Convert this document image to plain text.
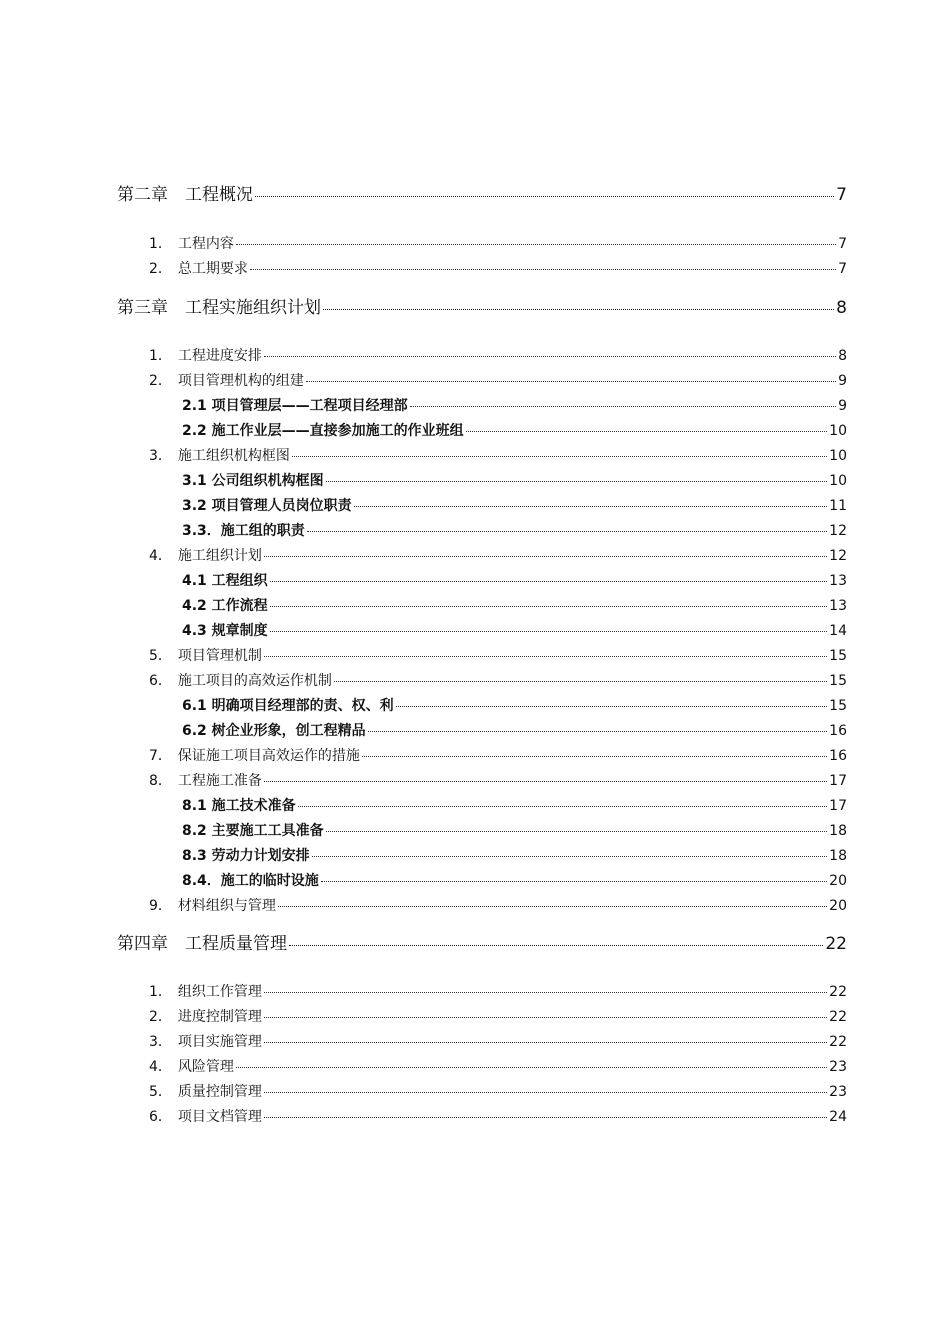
第二章 工程概况	7
1． 工程内容	7
2． 总工期要求	7
第三章 工程实施组织计划	8
1． 工程进度安排	8
2． 项目管理机构的组建	9
2.1 项目管理层——工程项目经理部	9
2.2 施工作业层——直接参加施工的作业班组	10
3． 施工组织机构框图	10
3.1 公司组织机构框图	10
3.2 项目管理人员岗位职责	11
3.3．施工组的职责	12
4． 施工组织计划	12
4.1 工程组织	13
4.2 工作流程	13
4.3 规章制度	14
5． 项目管理机制	15
6． 施工项目的高效运作机制	15
6.1 明确项目经理部的责、权、利	15
6.2 树企业形象，创工程精品	16
7． 保证施工项目高效运作的措施	16
8． 工程施工准备	17
8.1 施工技术准备	17
8.2 主要施工工具准备	18
8.3 劳动力计划安排	18
8.4．施工的临时设施	20
9． 材料组织与管理	20
第四章 工程质量管理	22
1． 组织工作管理	22
2． 进度控制管理	22
3． 项目实施管理	22
4． 风险管理	23
5． 质量控制管理	23
6． 项目文档管理	24
